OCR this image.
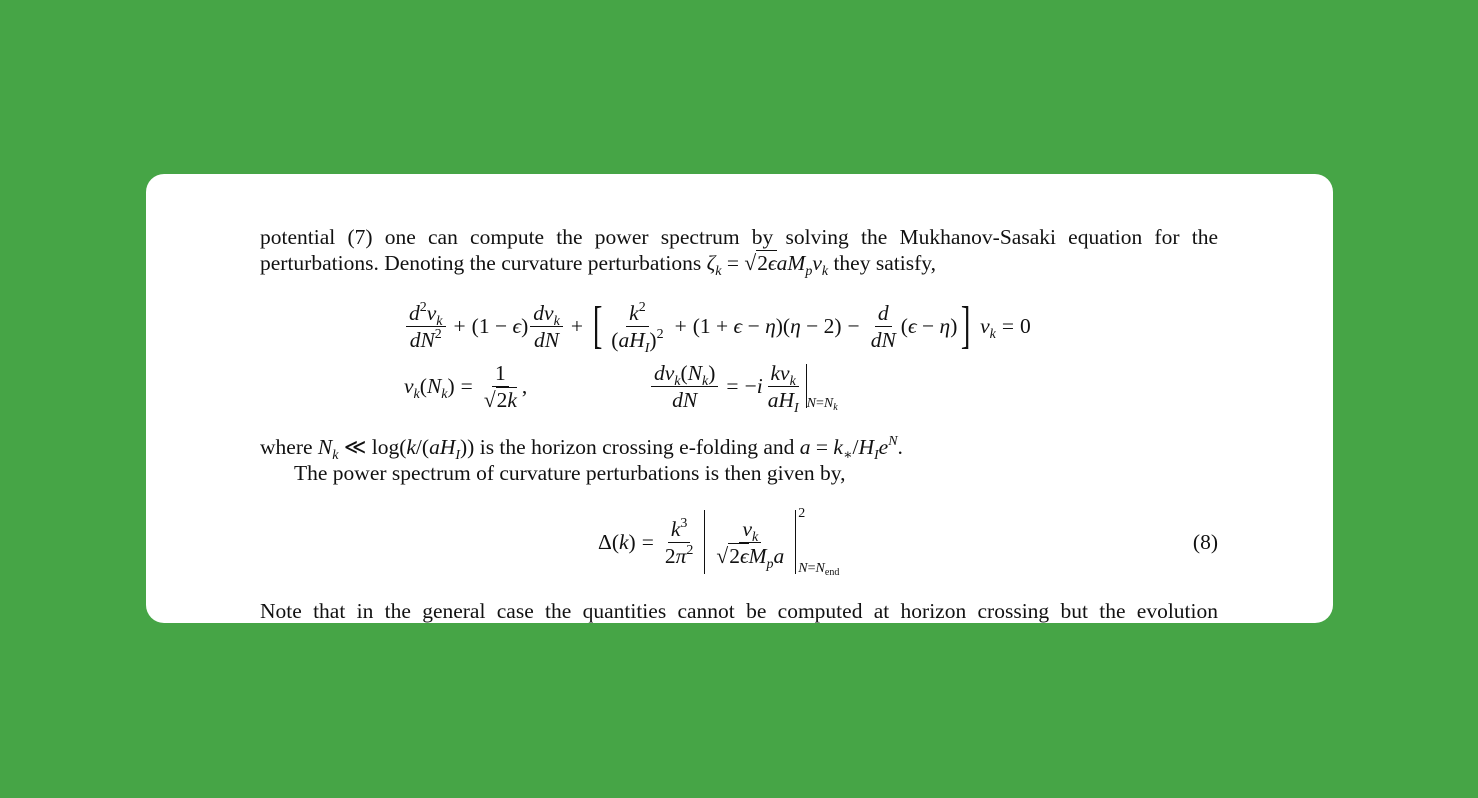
potential (7) one can compute the power spectrum by solving the Mukhanov-Sasaki equation for the
perturbations. Denoting the curvature perturbations $\zeta_k = √2\epsilon aM_pv_k$ they satisfy,
$\frac{d^2v_k}{dN^2} + (1$ −
ϵ ) $\frac{dv_k}{dN}$ + [ $\frac{k^2}{(aH_I)^2} + (1$ +
ϵ
−
η )( η
− $2) - \frac{d}{dN}$ ( ϵ
−
η ) ] $v_k = 0$
$v_k$ ( $N_k$ ) = $\frac{1}{√2k}$ ,	$\frac{dv_k(N_k)}{dN}$ = − i $\frac{kv_k}{aH_I} N=N_k$
where $N_k$ ≪ $\log(k/(aH_I))$ is the horizon crossing e-folding and $a = k_∗/H_Ie^N$.
The power spectrum of curvature perturbations is then given by,
Δ( k ) = $\frac{k^3}{2\pi^2} \frac{v_k}{√2\epsilon M_pa}$
2
$N=N_{end}$
(8)
Note that in the general case the quantities cannot be computed at horizon crossing but the evolution
